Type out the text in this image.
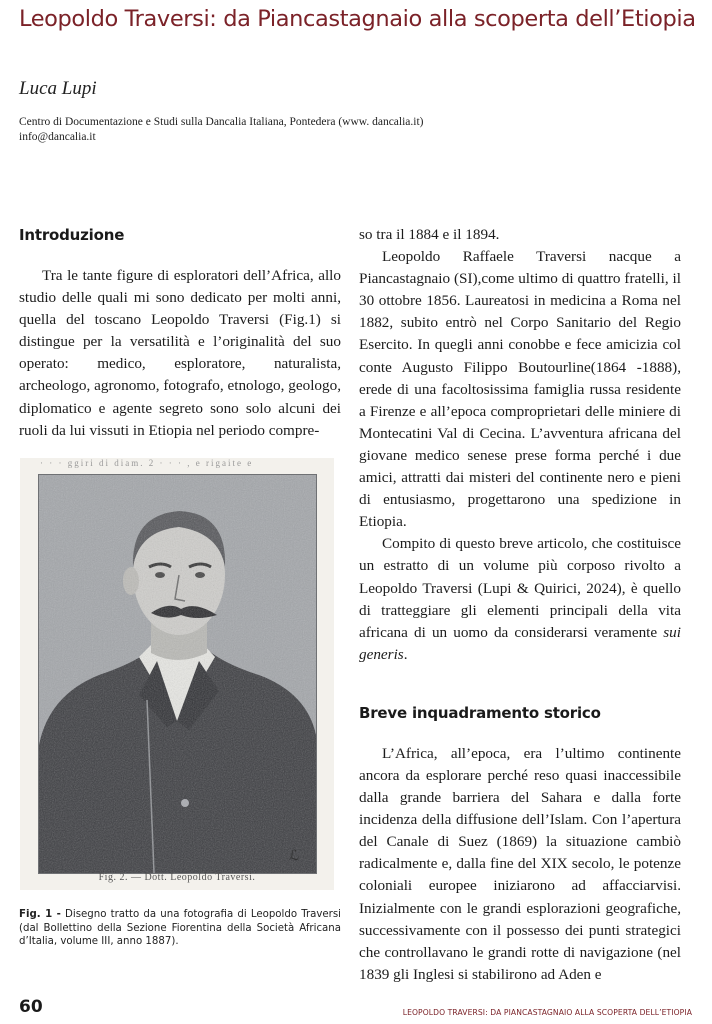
Leopoldo Traversi: da Piancastagnaio alla scoperta dell’Etiopia
Luca Lupi
Centro di Documentazione e Studi sulla Dancalia Italiana, Pontedera (www. dancalia.it)
info@dancalia.it
Introduzione

Tra le tante figure di esploratori dell’Africa, allo studio delle quali mi sono dedicato per molti anni, quella del toscano Leopoldo Traversi (Fig.1) si distingue per la versatilità e l’originalità del suo operato: medico, esploratore, naturalista, archeologo, agronomo, fotografo, etnologo, geologo, diplomatico e agente segreto sono solo alcuni dei ruoli da lui vissuti in Etiopia nel periodo compre-

· · · ggiri di diam. 2 · · · , e rigaite e
ℒ
Fig. 2. — Dott. Leopoldo Traversi.
Fig. 1 - Disegno tratto da una fotografia di Leopoldo Traversi (dal Bollettino della Sezione Fiorentina della Società Africana d’Italia, volume III, anno 1887).

so tra il 1884 e il 1894.

Leopoldo Raffaele Traversi nacque a Piancastagnaio (SI),come ultimo di quattro fratelli, il 30 ottobre 1856. Laureatosi in medicina a Roma nel 1882, subito entrò nel Corpo Sanitario del Regio Esercito. In quegli anni conobbe e fece amicizia col conte Augusto Filippo Boutourline(1864 -1888), erede di una facoltosissima famiglia russa residente a Firenze e all’epoca comproprietari delle miniere di Montecatini Val di Cecina. L’avventura africana del giovane medico senese prese forma perché i due amici, attratti dai misteri del continente nero e pieni di entusiasmo, progettarono una spedizione in Etiopia.

Compito di questo breve articolo, che costituisce un estratto di un volume più corposo rivolto a Leopoldo Traversi (Lupi & Quirici, 2024), è quello di tratteggiare gli elementi principali della vita africana di un uomo da considerarsi veramente sui generis.

Breve inquadramento storico

L’Africa, all’epoca, era l’ultimo continente ancora da esplorare perché reso quasi inaccessibile dalla grande barriera del Sahara e dalla forte incidenza della diffusione dell’Islam. Con l’apertura del Canale di Suez (1869) la situazione cambiò radicalmente e, dalla fine del XIX secolo, le potenze coloniali europee iniziarono ad affacciarvisi. Inizialmente con le grandi esplorazioni geografiche, successivamente con il possesso dei punti strategici che controllavano le grandi rotte di navigazione (nel 1839 gli Inglesi si stabilirono ad Aden e

60	LEOPOLDO TRAVERSI: DA PIANCASTAGNAIO ALLA SCOPERTA DELL’ETIOPIA
